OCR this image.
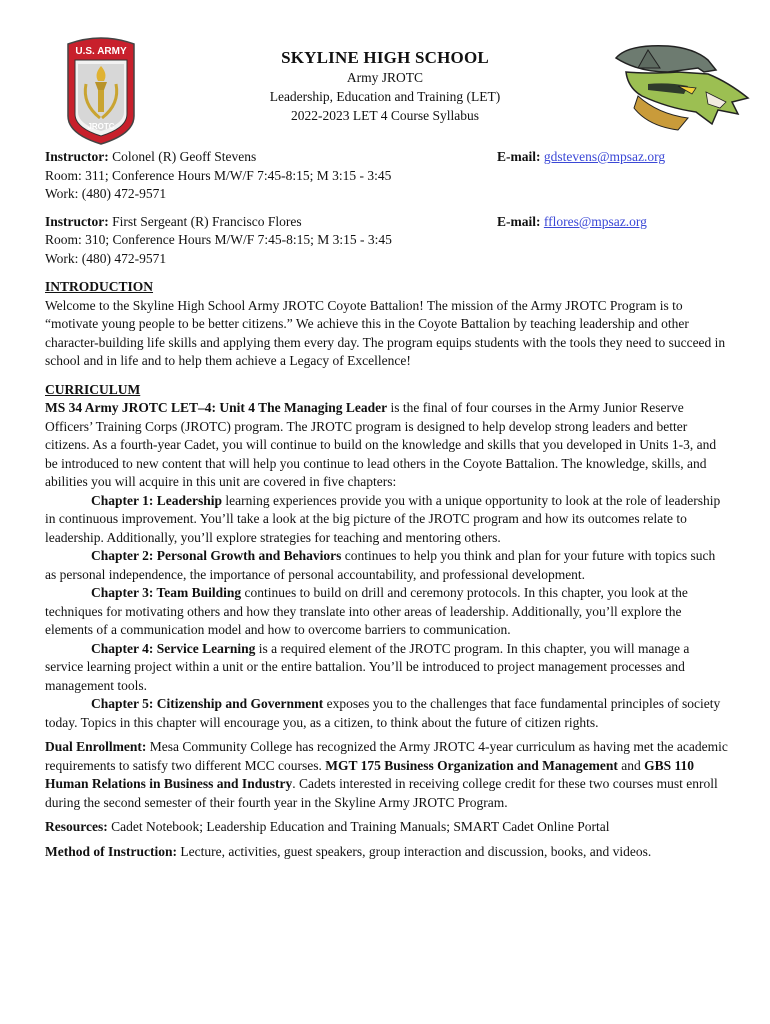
U.S. ARMY
JROTC
SKYLINE HIGH SCHOOL
Army JROTC
Leadership, Education and Training (LET)
2022-2023 LET 4 Course Syllabus
Instructor: Colonel (R) Geoff Stevens
Room: 311; Conference Hours M/W/F 7:45-8:15; M 3:15 - 3:45
Work: (480) 472-9571
E-mail: gdstevens@mpsaz.org
Instructor: First Sergeant (R) Francisco Flores
Room: 310; Conference Hours M/W/F 7:45-8:15; M 3:15 - 3:45
Work: (480) 472-9571
E-mail: fflores@mpsaz.org
INTRODUCTION

Welcome to the Skyline High School Army JROTC Coyote Battalion! The mission of the Army JROTC Program is to “motivate young people to be better citizens.” We achieve this in the Coyote Battalion by teaching leadership and other character-building life skills and applying them every day. The program equips students with the tools they need to succeed in school and in life and to help them achieve a Legacy of Excellence!

CURRICULUM

MS 34 Army JROTC LET–4: Unit 4 The Managing Leader is the final of four courses in the Army Junior Reserve Officers’ Training Corps (JROTC) program. The JROTC program is designed to help develop strong leaders and better citizens. As a fourth-year Cadet, you will continue to build on the knowledge and skills that you developed in Units 1-3, and be introduced to new content that will help you continue to lead others in the Coyote Battalion. The knowledge, skills, and abilities you will acquire in this unit are covered in five chapters:

Chapter 1: Leadership learning experiences provide you with a unique opportunity to look at the role of leadership in continuous improvement. You’ll take a look at the big picture of the JROTC program and how its outcomes relate to leadership. Additionally, you’ll explore strategies for teaching and mentoring others.

Chapter 2: Personal Growth and Behaviors continues to help you think and plan for your future with topics such as personal independence, the importance of personal accountability, and professional development.

Chapter 3: Team Building continues to build on drill and ceremony protocols. In this chapter, you look at the techniques for motivating others and how they translate into other areas of leadership. Additionally, you’ll explore the elements of a communication model and how to overcome barriers to communication.

Chapter 4: Service Learning is a required element of the JROTC program. In this chapter, you will manage a service learning project within a unit or the entire battalion. You’ll be introduced to project management processes and management tools.

Chapter 5: Citizenship and Government exposes you to the challenges that face fundamental principles of society today. Topics in this chapter will encourage you, as a citizen, to think about the future of citizen rights.

Dual Enrollment: Mesa Community College has recognized the Army JROTC 4-year curriculum as having met the academic requirements to satisfy two different MCC courses. MGT 175 Business Organization and Management and GBS 110 Human Relations in Business and Industry. Cadets interested in receiving college credit for these two courses must enroll during the second semester of their fourth year in the Skyline Army JROTC Program.

Resources: Cadet Notebook; Leadership Education and Training Manuals; SMART Cadet Online Portal

Method of Instruction: Lecture, activities, guest speakers, group interaction and discussion, books, and videos.
